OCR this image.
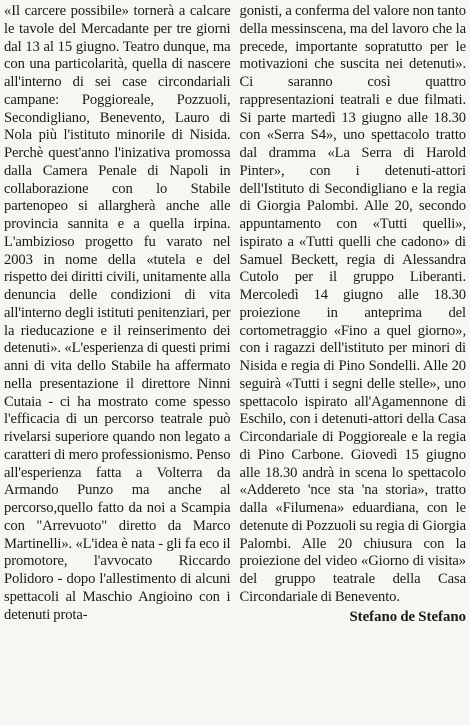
«Il carcere possibile» tornerà a calcare le tavole del Mercadante per tre giorni dal 13 al 15 giugno. Teatro dunque, ma con una particolarità, quella di nascere all'interno di sei case circondariali campane: Poggioreale, Pozzuoli, Secondigliano, Benevento, Lauro di Nola più l'istituto minorile di Nisida. Perchè quest'anno l'inizativa promossa dalla Camera Penale di Napoli in collaborazione con lo Stabile partenopeo si allargherà anche alle provincia sannita e a quella irpina. L'ambizioso progetto fu varato nel 2003 in nome della «tutela e del rispetto dei diritti civili, unitamente alla denuncia delle condizioni di vita all'interno degli istituti penitenziari, per la rieducazione e il reinserimento dei detenuti». «L'esperienza di questi primi anni di vita dello Stabile ha affermato nella presentazione il direttore Ninni Cutaia - ci ha mostrato come spesso l'efficacia di un percorso teatrale può rivelarsi superiore quando non legato a caratteri di mero professionismo. Penso all'esperienza fatta a Volterra da Armando Punzo ma anche al percorso,quello fatto da noi a Scampia con "Arrevuoto" diretto da Marco Martinelli». «L'idea è nata - gli fa eco il promotore, l'avvocato Riccardo Polidoro - dopo l'allestimento di alcuni spettacoli al Maschio Angioino con i detenuti prota-

gonisti, a conferma del valore non tanto della messinscena, ma del lavoro che la precede, importante sopratutto per le motivazioni che suscita nei detenuti». Ci saranno così quattro rappresentazioni teatrali e due filmati. Si parte martedì 13 giugno alle 18.30 con «Serra S4», uno spettacolo tratto dal dramma «La Serra di Harold Pinter», con i detenuti-attori dell'Istituto di Secondigliano e la regia di Giorgia Palombi. Alle 20, secondo appuntamento con «Tutti quelli», ispirato a «Tutti quelli che cadono» di Samuel Beckett, regia di Alessandra Cutolo per il gruppo Liberanti. Mercoledì 14 giugno alle 18.30 proiezione in anteprima del cortometraggio «Fino a quel giorno», con i ragazzi dell'istituto per minori di Nisida e regia di Pino Sondelli. Alle 20 seguirà «Tutti i segni delle stelle», uno spettacolo ispirato all'Agamennone di Eschilo, con i detenuti-attori della Casa Circondariale di Poggioreale e la regia di Pino Carbone. Giovedì 15 giugno alle 18.30 andrà in scena lo spettacolo «Addereto 'nce sta 'na storia», tratto dalla «Filumena» eduardiana, con le detenute di Pozzuoli su regia di Giorgia Palombi. Alle 20 chiusura con la proiezione del video «Giorno di visita» del gruppo teatrale della Casa Circondariale di Benevento.

Stefano de Stefano
